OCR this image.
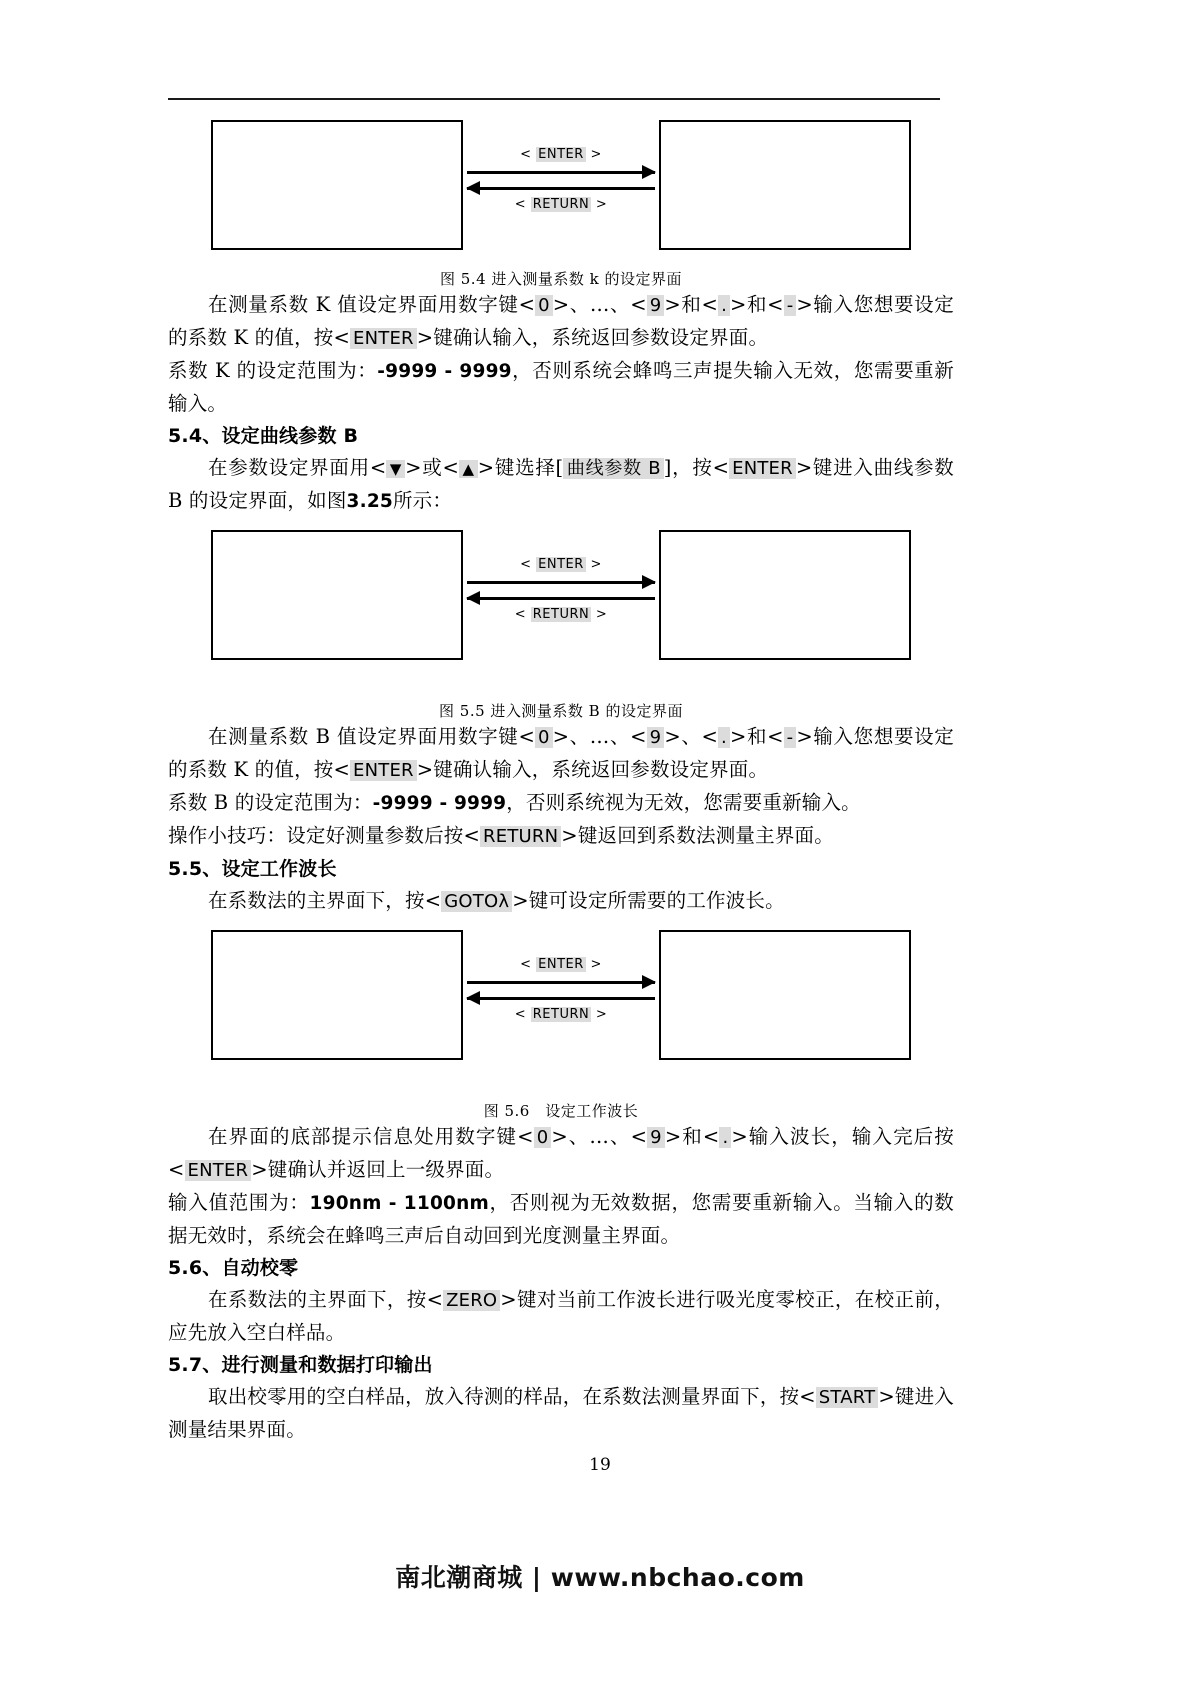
< ENTER >
< RETURN >
图 5.4 进入测量系数 k 的设定界面

在测量系数 K 值设定界面用数字键< 0 >、…、< 9 >和< . >和< - >输入您想要设定的系数 K 的值，按< ENTER >键确认输入，系统返回参数设定界面。

系数 K 的设定范围为：-9999 - 9999，否则系统会蜂鸣三声提失输入无效，您需要重新输入。

5.4、设定曲线参数 B

在参数设定界面用< ▼ >或< ▲ >键选择[ 曲线参数 B ]，按< ENTER >键进入曲线参数 B 的设定界面，如图3.25所示：

< ENTER >
< RETURN >
图 5.5 进入测量系数 B 的设定界面

在测量系数 B 值设定界面用数字键< 0 >、…、< 9 >、< . >和< - >输入您想要设定的系数 K 的值，按< ENTER >键确认输入，系统返回参数设定界面。

系数 B 的设定范围为：-9999 - 9999，否则系统视为无效，您需要重新输入。

操作小技巧：设定好测量参数后按< RETURN >键返回到系数法测量主界面。

5.5、设定工作波长

在系数法的主界面下，按< GOTOλ >键可设定所需要的工作波长。

< ENTER >
< RETURN >
图 5.6　设定工作波长

在界面的底部提示信息处用数字键< 0 >、…、< 9 >和< . >输入波长，输入完后按< ENTER >键确认并返回上一级界面。

输入值范围为：190nm - 1100nm，否则视为无效数据，您需要重新输入。当输入的数据无效时，系统会在蜂鸣三声后自动回到光度测量主界面。

5.6、自动校零

在系数法的主界面下，按< ZERO >键对当前工作波长进行吸光度零校正，在校正前，应先放入空白样品。

5.7、进行测量和数据打印输出

取出校零用的空白样品，放入待测的样品，在系数法测量界面下，按< START >键进入测量结果界面。

19
南北潮商城 | www.nbchao.com
